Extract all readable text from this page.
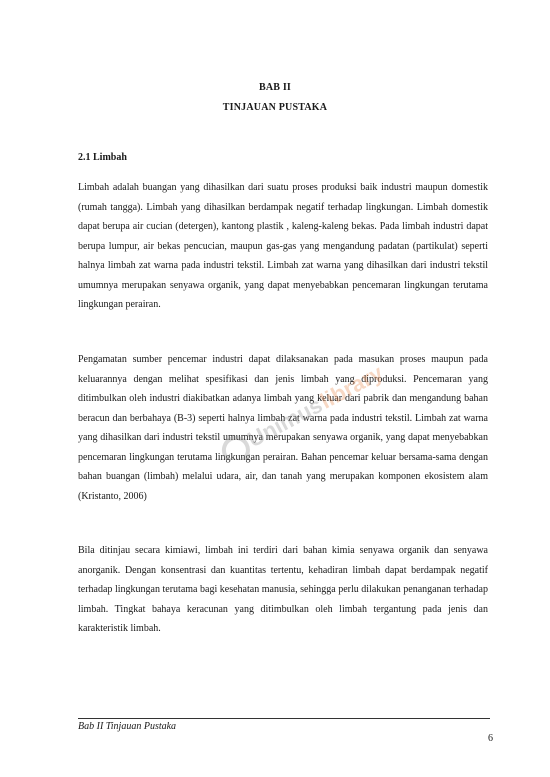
BAB II
TINJAUAN PUSTAKA
2.1 Limbah

Limbah adalah buangan yang dihasilkan dari suatu proses produksi baik industri maupun domestik (rumah tangga). Limbah yang dihasilkan berdampak negatif terhadap lingkungan. Limbah domestik dapat berupa air cucian (detergen), kantong plastik , kaleng-kaleng bekas. Pada limbah industri dapat berupa lumpur, air bekas pencucian, maupun gas-gas yang mengandung padatan (partikulat) seperti halnya limbah zat warna pada industri tekstil. Limbah zat warna yang dihasilkan dari industri tekstil umumnya merupakan senyawa organik, yang dapat menyebabkan pencemaran lingkungan terutama lingkungan perairan.

Pengamatan sumber pencemar industri dapat dilaksanakan pada masukan proses maupun pada keluarannya dengan melihat spesifikasi dan jenis limbah yang diproduksi. Pencemaran yang ditimbulkan oleh industri diakibatkan adanya limbah yang keluar dari pabrik dan mengandung bahan beracun dan berbahaya (B-3) seperti halnya limbah zat warna pada industri tekstil. Limbah zat warna yang dihasilkan dari industri tekstil umumnya merupakan senyawa organik, yang dapat menyebabkan pencemaran lingkungan terutama lingkungan perairan. Bahan pencemar keluar bersama-sama dengan bahan buangan (limbah) melalui udara, air, dan tanah yang merupakan komponen ekosistem alam (Kristanto, 2006)

Bila ditinjau secara kimiawi, limbah ini terdiri dari bahan kimia senyawa organik dan senyawa anorganik. Dengan konsentrasi dan kuantitas tertentu, kehadiran limbah dapat berdampak negatif terhadap lingkungan terutama bagi kesehatan manusia, sehingga perlu dilakukan penanganan terhadap limbah. Tingkat bahaya keracunan yang ditimbulkan oleh limbah tergantung pada jenis dan karakteristik limbah.

Unimus
library
Bab II Tinjauan Pustaka
6
